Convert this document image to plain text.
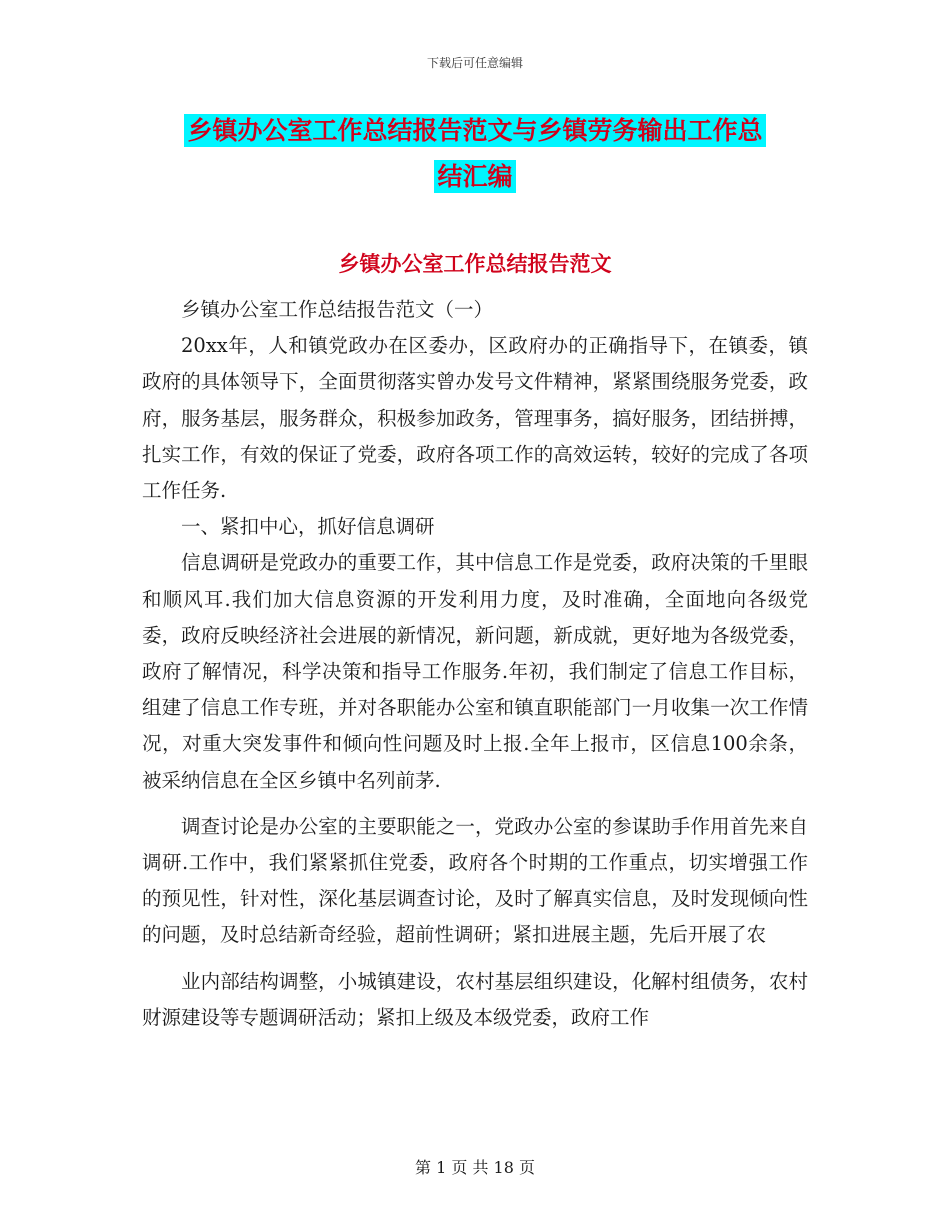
下载后可任意编辑
乡镇办公室工作总结报告范文与乡镇劳务输出工作总
结汇编
乡镇办公室工作总结报告范文

乡镇办公室工作总结报告范文（一）

20xx年，人和镇党政办在区委办，区政府办的正确指导下，在镇委，镇政府的具体领导下，全面贯彻落实曾办发号文件精神，紧紧围绕服务党委，政府，服务基层，服务群众，积极参加政务，管理事务，搞好服务，团结拼搏，扎实工作，有效的保证了党委，政府各项工作的高效运转，较好的完成了各项工作任务.

一、紧扣中心，抓好信息调研

信息调研是党政办的重要工作，其中信息工作是党委，政府决策的千里眼和顺风耳.我们加大信息资源的开发利用力度，及时准确，全面地向各级党委，政府反映经济社会进展的新情况，新问题，新成就，更好地为各级党委，政府了解情况，科学决策和指导工作服务.年初，我们制定了信息工作目标，组建了信息工作专班，并对各职能办公室和镇直职能部门一月收集一次工作情况，对重大突发事件和倾向性问题及时上报.全年上报市，区信息100余条，被采纳信息在全区乡镇中名列前茅.

调查讨论是办公室的主要职能之一，党政办公室的参谋助手作用首先来自调研.工作中，我们紧紧抓住党委，政府各个时期的工作重点，切实增强工作的预见性，针对性，深化基层调查讨论，及时了解真实信息，及时发现倾向性的问题，及时总结新奇经验，超前性调研；紧扣进展主题，先后开展了农

业内部结构调整，小城镇建设，农村基层组织建设，化解村组债务，农村财源建设等专题调研活动；紧扣上级及本级党委，政府工作

第 1 页 共 18 页
